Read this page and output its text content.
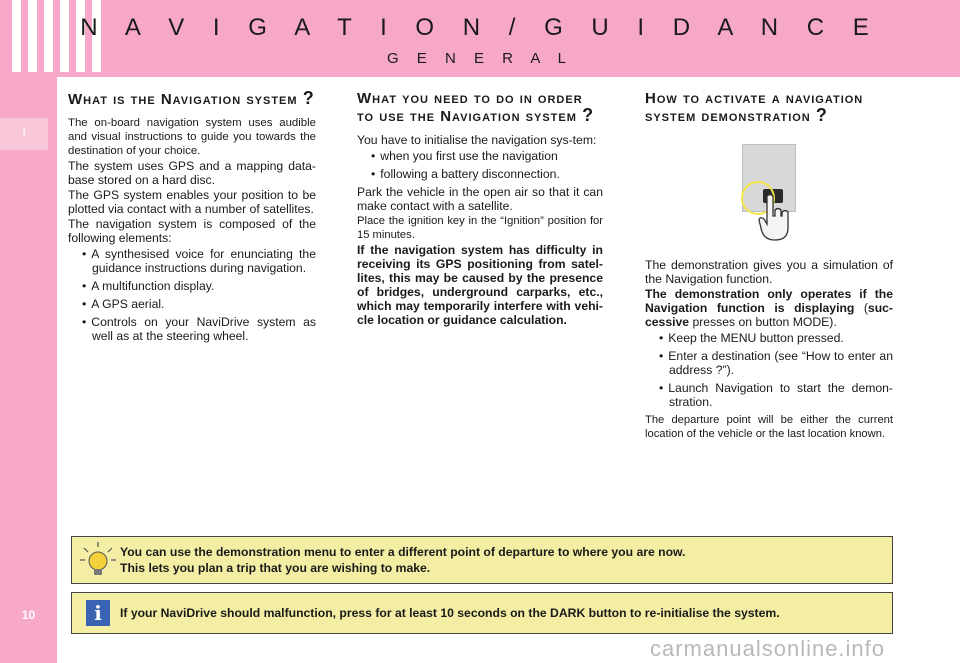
N A V I G A T I O N / G U I D A N C E
G E N E R A L
I
10
What is the Navigation system ?

The on-board navigation system uses audible and visual instructions to guide you towards the destination of your choice.

The system uses GPS and a mapping data-base stored on a hard disc.

The GPS system enables your position to be plotted via contact with a number of satellites.

The navigation system is composed of the following elements:

• A synthesised voice for enunciating the guidance instructions during navigation.
• A multifunction display.
• A GPS aerial.
• Controls on your NaviDrive system as well as at the steering wheel.
What you need to do in order to use the Navigation system ?

You have to initialise the navigation sys-tem:

• when you first use the navigation
• following a battery disconnection.

Park the vehicle in the open air so that it can make contact with a satellite.

Place the ignition key in the “Ignition” position for 15 minutes.

If the navigation system has difficulty in receiving its GPS positioning from satel-lites, this may be caused by the presence of bridges, underground carparks, etc., which may temporarily interfere with vehi-cle location or guidance calculation.

How to activate a navigation system demonstration ?

The demonstration gives you a simulation of the Navigation function.

The demonstration only operates if the Navigation function is displaying (suc-cessive presses on button MODE).

• Keep the MENU button pressed.
• Enter a destination (see “How to enter an address ?”).
• Launch Navigation to start the demon-stration.

The departure point will be either the current location of the vehicle or the last location known.

You can use the demonstration menu to enter a different point of departure to where you are now.
This lets you plan a trip that you are wishing to make.
i	If your NaviDrive should malfunction, press for at least 10 seconds on the DARK button to re-initialise the system.
carmanualsonline.info
